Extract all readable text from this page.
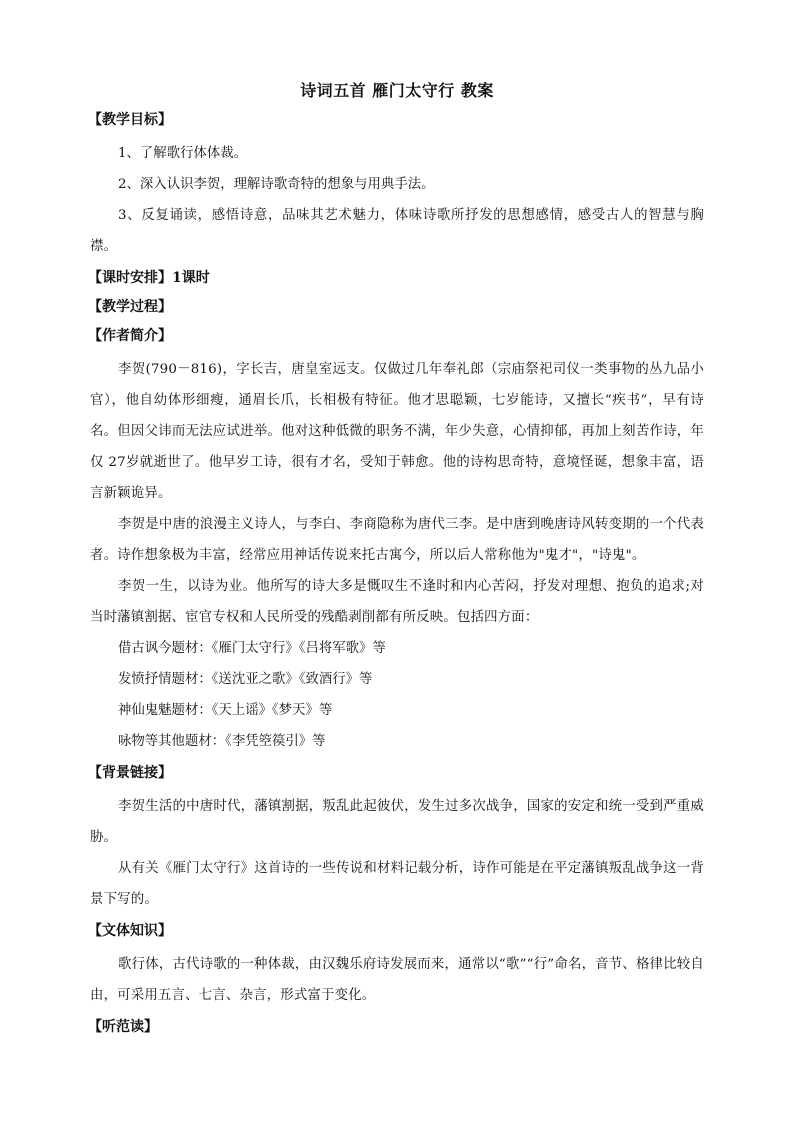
诗词五首 雁门太守行 教案
【教学目标】

1、了解歌行体体裁。

2、深入认识李贺，理解诗歌奇特的想象与用典手法。

3、反复诵读，感悟诗意，品味其艺术魅力，体味诗歌所抒发的思想感情，感受古人的智慧与胸襟。

【课时安排】1课时
【教学过程】
【作者简介】

李贺(790－816)，字长吉，唐皇室远支。仅做过几年奉礼郎（宗庙祭祀司仪一类事物的丛九品小官），他自幼体形细瘦，通眉长爪，长相极有特征。他才思聪颖，七岁能诗，又擅长“疾书”，早有诗名。但因父讳而无法应试进举。他对这种低微的职务不满，年少失意，心情抑郁，再加上刻苦作诗，年仅 27岁就逝世了。他早岁工诗，很有才名，受知于韩愈。他的诗构思奇特，意境怪诞，想象丰富，语言新颖诡异。

李贺是中唐的浪漫主义诗人，与李白、李商隐称为唐代三李。是中唐到晚唐诗风转变期的一个代表者。诗作想象极为丰富，经常应用神话传说来托古寓今，所以后人常称他为"鬼才"，"诗鬼"。

李贺一生，以诗为业。他所写的诗大多是慨叹生不逢时和内心苦闷，抒发对理想、抱负的追求;对当时藩镇割据、宦官专权和人民所受的残酷剥削都有所反映。包括四方面：

借古讽今题材：《雁门太守行》《吕将军歌》等

发愤抒情题材：《送沈亚之歌》《致酒行》等

神仙鬼魅题材：《天上谣》《梦天》等

咏物等其他题材：《李凭箜篌引》等

【背景链接】

李贺生活的中唐时代，藩镇割据，叛乱此起彼伏，发生过多次战争，国家的安定和统一受到严重威胁。

从有关《雁门太守行》这首诗的一些传说和材料记载分析，诗作可能是在平定藩镇叛乱战争这一背景下写的。

【文体知识】

歌行体，古代诗歌的一种体裁，由汉魏乐府诗发展而来，通常以“歌”“行”命名，音节、格律比较自由，可采用五言、七言、杂言，形式富于变化。

【听范读】
